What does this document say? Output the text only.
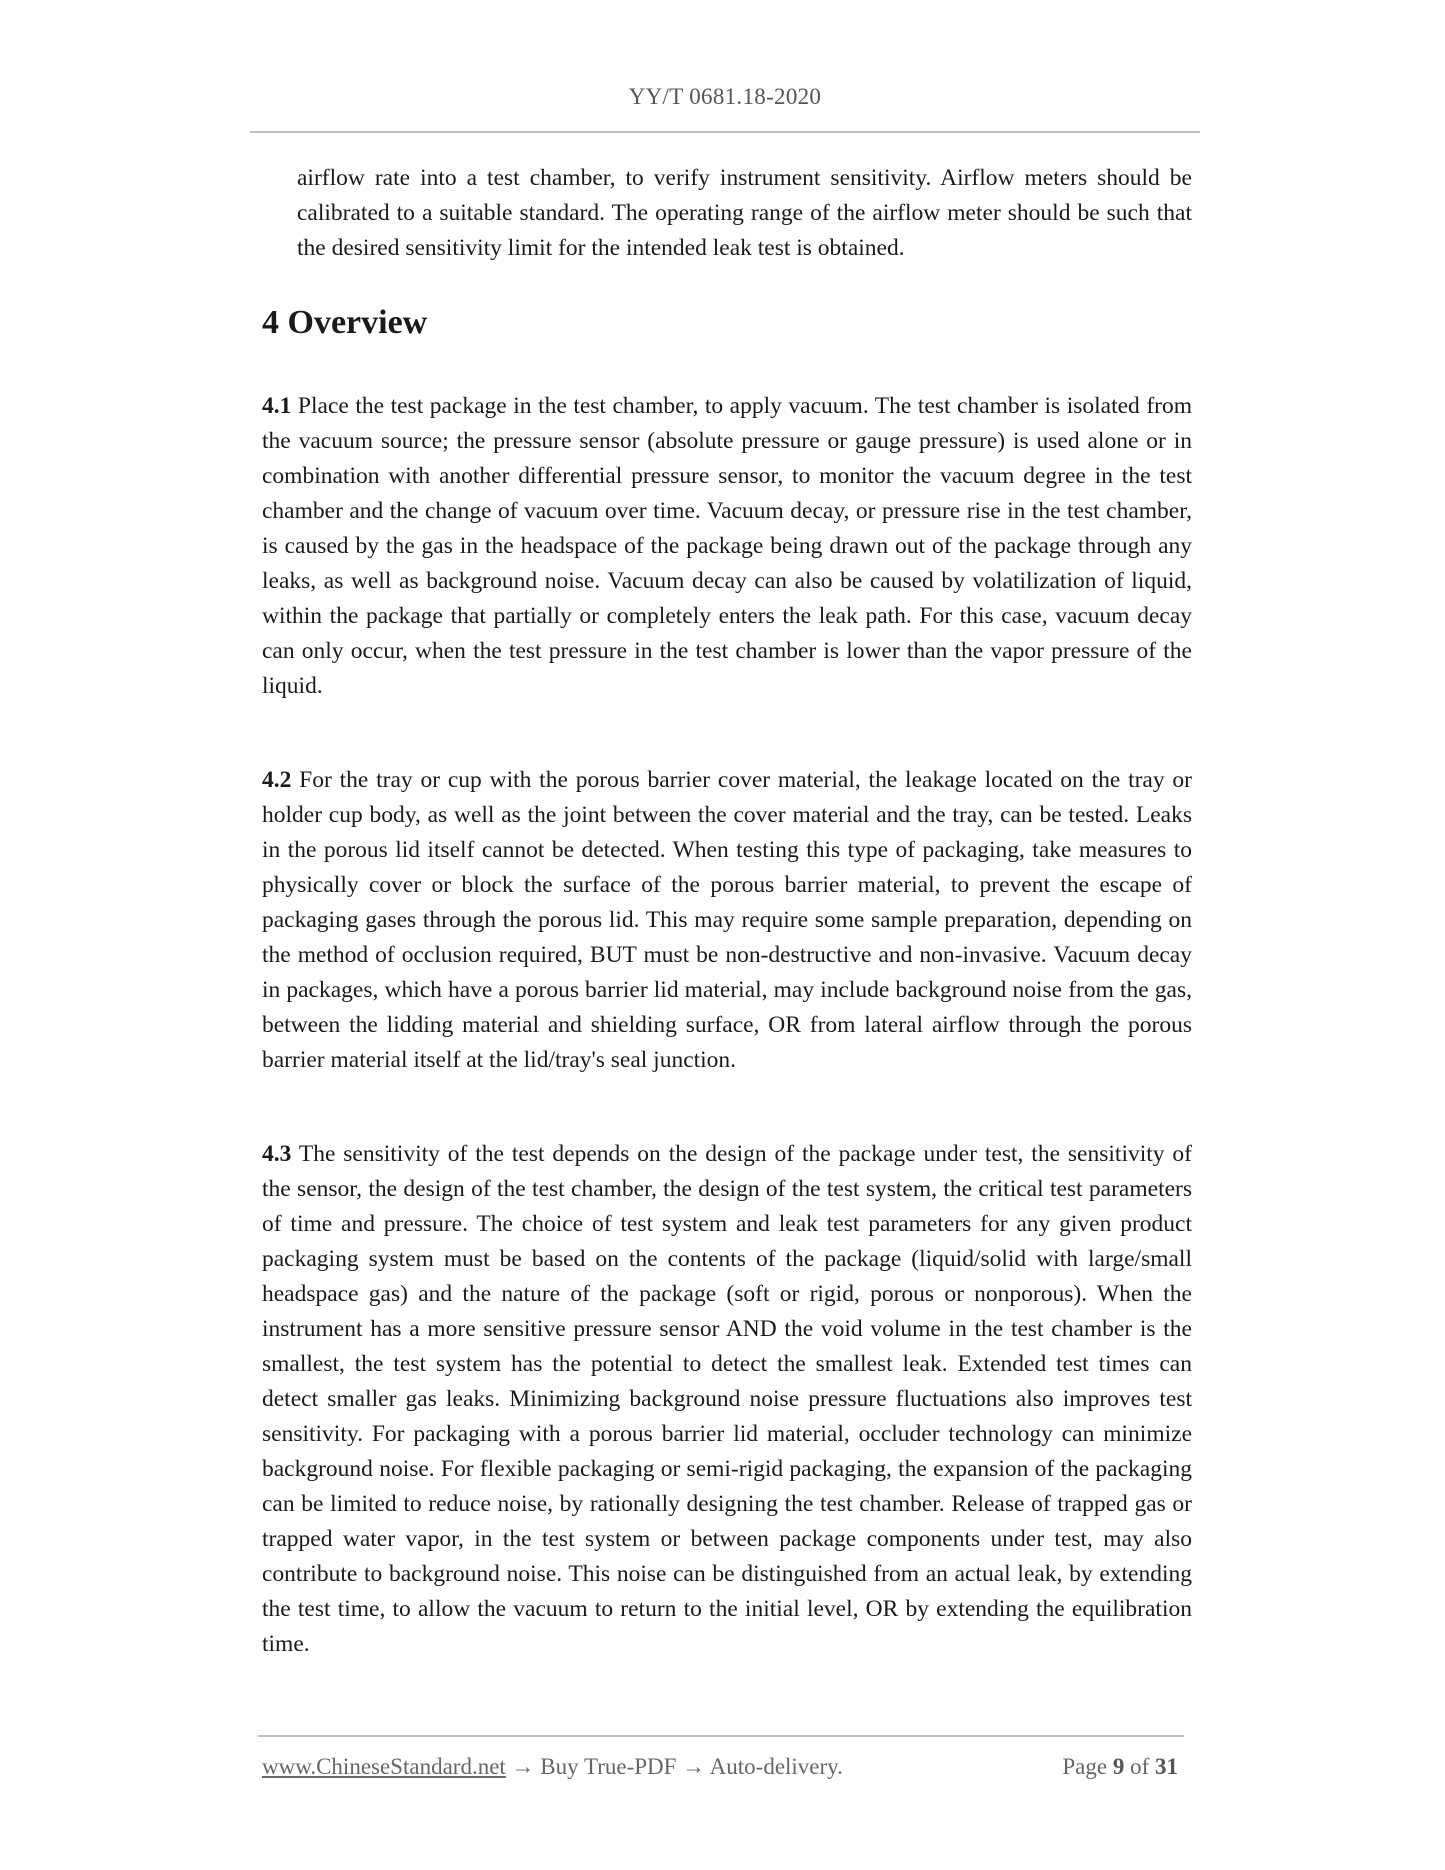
YY/T 0681.18-2020
airflow rate into a test chamber, to verify instrument sensitivity. Airflow meters should be calibrated to a suitable standard. The operating range of the airflow meter should be such that the desired sensitivity limit for the intended leak test is obtained.
4 Overview

4.1 Place the test package in the test chamber, to apply vacuum. The test chamber is isolated from the vacuum source; the pressure sensor (absolute pressure or gauge pressure) is used alone or in combination with another differential pressure sensor, to monitor the vacuum degree in the test chamber and the change of vacuum over time. Vacuum decay, or pressure rise in the test chamber, is caused by the gas in the headspace of the package being drawn out of the package through any leaks, as well as background noise. Vacuum decay can also be caused by volatilization of liquid, within the package that partially or completely enters the leak path. For this case, vacuum decay can only occur, when the test pressure in the test chamber is lower than the vapor pressure of the liquid.

4.2 For the tray or cup with the porous barrier cover material, the leakage located on the tray or holder cup body, as well as the joint between the cover material and the tray, can be tested. Leaks in the porous lid itself cannot be detected. When testing this type of packaging, take measures to physically cover or block the surface of the porous barrier material, to prevent the escape of packaging gases through the porous lid. This may require some sample preparation, depending on the method of occlusion required, BUT must be non-destructive and non-invasive. Vacuum decay in packages, which have a porous barrier lid material, may include background noise from the gas, between the lidding material and shielding surface, OR from lateral airflow through the porous barrier material itself at the lid/tray's seal junction.

4.3 The sensitivity of the test depends on the design of the package under test, the sensitivity of the sensor, the design of the test chamber, the design of the test system, the critical test parameters of time and pressure. The choice of test system and leak test parameters for any given product packaging system must be based on the contents of the package (liquid/solid with large/small headspace gas) and the nature of the package (soft or rigid, porous or nonporous). When the instrument has a more sensitive pressure sensor AND the void volume in the test chamber is the smallest, the test system has the potential to detect the smallest leak. Extended test times can detect smaller gas leaks. Minimizing background noise pressure fluctuations also improves test sensitivity. For packaging with a porous barrier lid material, occluder technology can minimize background noise. For flexible packaging or semi-rigid packaging, the expansion of the packaging can be limited to reduce noise, by rationally designing the test chamber. Release of trapped gas or trapped water vapor, in the test system or between package components under test, may also contribute to background noise. This noise can be distinguished from an actual leak, by extending the test time, to allow the vacuum to return to the initial level, OR by extending the equilibration time.

www.ChineseStandard.net → Buy True-PDF → Auto-delivery.	Page 9 of 31
